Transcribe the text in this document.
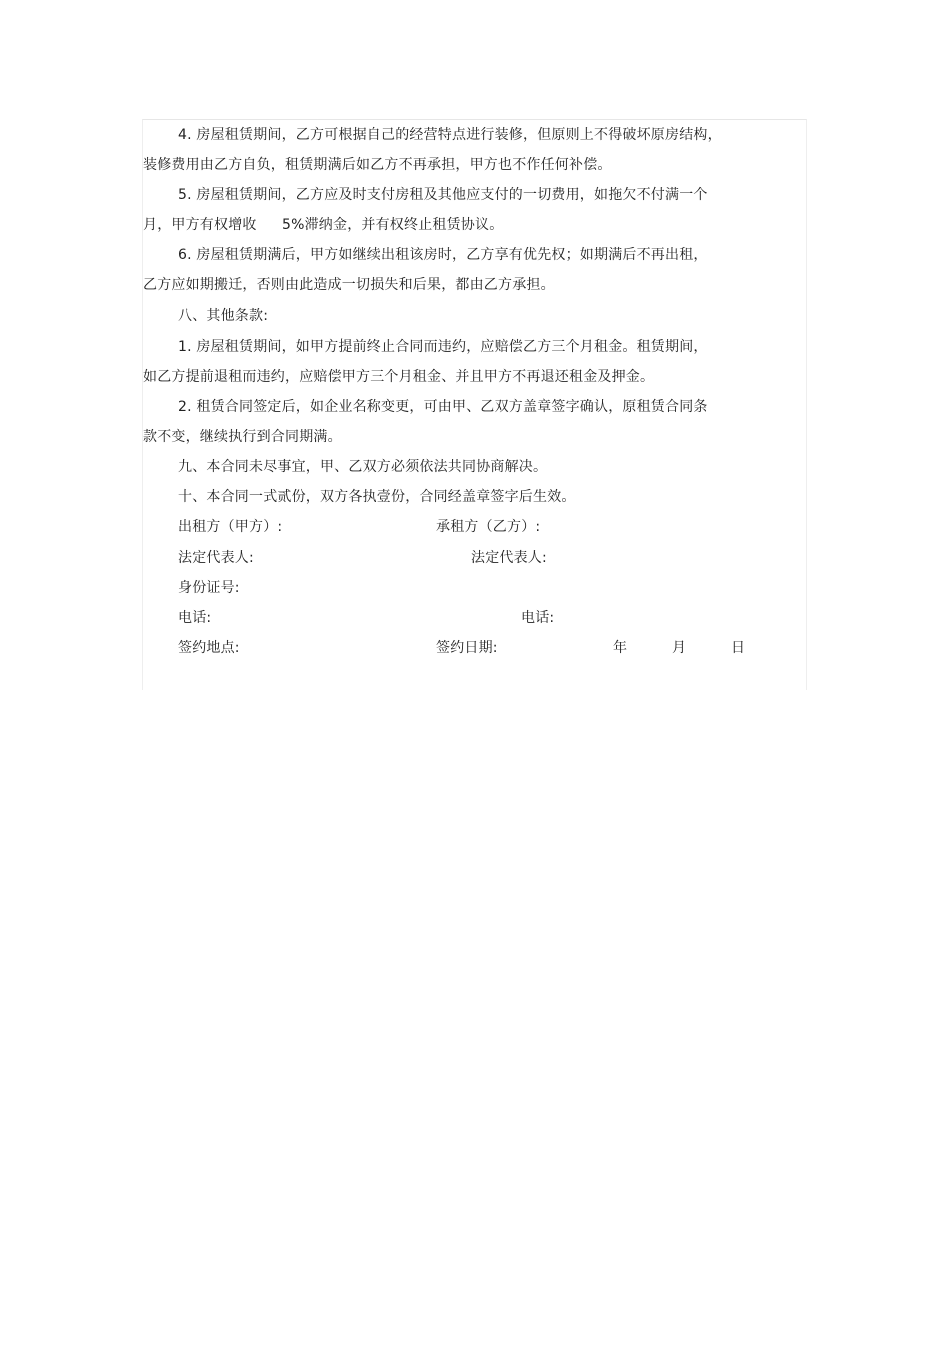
4. 房屋租赁期间，乙方可根据自己的经营特点进行装修，但原则上不得破坏原房结构，
装修费用由乙方自负，租赁期满后如乙方不再承担，甲方也不作任何补偿。
5. 房屋租赁期间，乙方应及时支付房租及其他应支付的一切费用，如拖欠不付满一个
月，甲方有权增收 5%滞纳金，并有权终止租赁协议。
6. 房屋租赁期满后，甲方如继续出租该房时，乙方享有优先权；如期满后不再出租，
乙方应如期搬迁，否则由此造成一切损失和后果，都由乙方承担。
八、其他条款:
1. 房屋租赁期间，如甲方提前终止合同而违约，应赔偿乙方三个月租金。租赁期间，
如乙方提前退租而违约，应赔偿甲方三个月租金、并且甲方不再退还租金及押金。
2. 租赁合同签定后，如企业名称变更，可由甲、乙双方盖章签字确认，原租赁合同条
款不变，继续执行到合同期满。
九、本合同未尽事宜，甲、乙双方必须依法共同协商解决。
十、本合同一式贰份，双方各执壹份，合同经盖章签字后生效。
出租方（甲方）:	承租方（乙方）:
法定代表人:	法定代表人:
身份证号:
电话:	电话:
签约地点:	签约日期:	年	月	日
